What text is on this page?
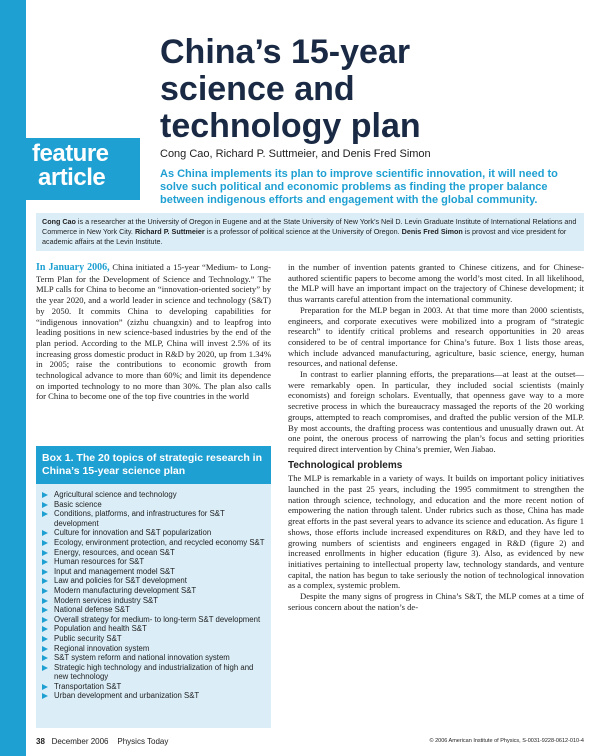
feature
article
China’s 15-year
science and
technology plan
Cong Cao, Richard P. Suttmeier, and Denis Fred Simon
As China implements its plan to improve scientific innovation, it will need to solve such political and economic problems as finding the proper balance between indigenous efforts and engagement with the global community.
Cong Cao is a researcher at the University of Oregon in Eugene and at the State University of New York’s Neil D. Levin Graduate Institute of International Relations and Commerce in New York City. Richard P. Suttmeier is a professor of political science at the University of Oregon. Denis Fred Simon is provost and vice president for academic affairs at the Levin Institute.

In January 2006, China initiated a 15-year “Medium- to Long-Term Plan for the Development of Science and Technology.” The MLP calls for China to become an “innovation-oriented society” by the year 2020, and a world leader in science and technology (S&T) by 2050. It commits China to developing capabilities for “indigenous innovation” (zizhu chuangxin) and to leapfrog into leading positions in new science-based industries by the end of the plan period. According to the MLP, China will invest 2.5% of its increasing gross domestic product in R&D by 2020, up from 1.34% in 2005; raise the contributions to economic growth from technological advance to more than 60%; and limit its dependence on imported technology to no more than 30%. The plan also calls for China to become one of the top five countries in the world

Box 1. The 20 topics of strategic research in China’s 15-year science plan
Agricultural science and technology
Basic science
Conditions, platforms, and infrastructures for S&T development
Culture for innovation and S&T popularization
Ecology, environment protection, and recycled economy S&T
Energy, resources, and ocean S&T
Human resources for S&T
Input and management model S&T
Law and policies for S&T development
Modern manufacturing development S&T
Modern services industry S&T
National defense S&T
Overall strategy for medium- to long-term S&T development
Population and health S&T
Public security S&T
Regional innovation system
S&T system reform and national innovation system
Strategic high technology and industrialization of high and new technology
Transportation S&T
Urban development and urbanization S&T

in the number of invention patents granted to Chinese citizens, and for Chinese-authored scientific papers to become among the world’s most cited. In all likelihood, the MLP will have an important impact on the trajectory of Chinese development; it thus warrants careful attention from the international community.

Preparation for the MLP began in 2003. At that time more than 2000 scientists, engineers, and corporate executives were mobilized into a program of “strategic research” to identify critical problems and research opportunities in 20 areas considered to be of central importance for China’s future. Box 1 lists those areas, which include advanced manufacturing, agriculture, basic science, energy, human resources, and national defense.

In contrast to earlier planning efforts, the preparations—at least at the outset—were remarkably open. In particular, they included social scientists (mainly economists) and foreign scholars. Eventually, that openness gave way to a more secretive process in which the bureaucracy massaged the reports of the 20 working groups, attempted to reach compromises, and drafted the public version of the MLP. By most accounts, the drafting process was contentious and unusually drawn out. At one point, the onerous process of narrowing the plan’s focus and setting priorities required direct intervention by China’s premier, Wen Jiabao.

Technological problems

The MLP is remarkable in a variety of ways. It builds on important policy initiatives launched in the past 25 years, including the 1995 commitment to strengthen the nation through science, technology, and education and the more recent notion of empowering the nation through talent. Under rubrics such as those, China has made great efforts in the past several years to advance its science and education. As figure 1 shows, those efforts include increased expenditures on R&D, and they have led to growing numbers of scientists and engineers engaged in R&D (figure 2) and increased enrollments in higher education (figure 3). Also, as evidenced by new initiatives pertaining to intellectual property law, technology standards, and venture capital, the nation has begun to take seriously the notion of technological innovation as a complex, systemic problem.

Despite the many signs of progress in China’s S&T, the MLP comes at a time of serious concern about the nation’s de-

38 December 2006 Physics Today	© 2006 American Institute of Physics, S-0031-9228-0612-010-4
